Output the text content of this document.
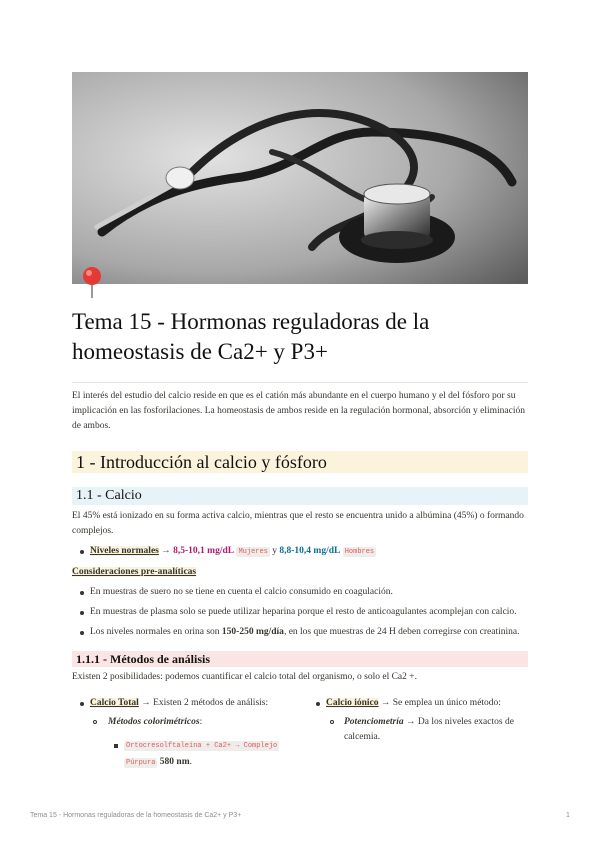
Tema 15 - Hormonas reguladoras de la homeostasis de Ca2+ y P3+

El interés del estudio del calcio reside en que es el catión más abundante en el cuerpo humano y el del fósforo por su implicación en las fosforilaciones. La homeostasis de ambos reside en la regulación hormonal, absorción y eliminación de ambos.

1 - Introducción al calcio y fósforo
1.1 - Calcio

El 45% está ionizado en su forma activa calcio, mientras que el resto se encuentra unido a albúmina (45%) o formando complejos.

Niveles normales → 8,5-10,1 mg/dL Mujeres y 8,8-10,4 mg/dL Hombres
Consideraciones pre-analíticas
En muestras de suero no se tiene en cuenta el calcio consumido en coagulación.
En muestras de plasma solo se puede utilizar heparina porque el resto de anticoagulantes acomplejan con calcio.
Los niveles normales en orina son 150-250 mg/día, en los que muestras de 24 H deben corregirse con creatinina.
1.1.1 - Métodos de análisis

Existen 2 posibilidades: podemos cuantificar el calcio total del organismo, o solo el Ca2 +.

Calcio Total → Existen 2 métodos de análisis:
Métodos colorimétricos:
Ortocresolftaleína + Ca2+ → Complejo
Púrpura 580 nm.
Calcio iónico → Se emplea un único método:
Potenciometría → Da los niveles exactos de
calcemia.
Tema 15 - Hormonas reguladoras de la homeostasis de Ca2+ y P3+	1
